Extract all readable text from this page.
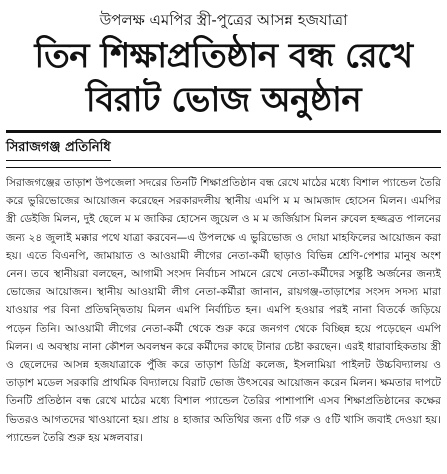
উপলক্ষ এমপির স্ত্রী-পুত্রের আসন্ন হজযাত্রা

তিন শিক্ষাপ্রতিষ্ঠান বন্ধ রেখে

বিরাট ভোজ অনুষ্ঠান

সিরাজগঞ্জ প্রতিনিধি

সিরাজগঞ্জের তাড়াশ উপজেলা সদরের তিনটি শিক্ষাপ্রতিষ্ঠান বন্ধ রেখে মাঠের মধ্যে বিশাল প্যান্ডেল তৈরি করে ভুরিভোজের আয়োজন করেছেন সরকারদলীয় স্থানীয় এমপি ম ম আমজাদ হোসেন মিলন। এমপির স্ত্রী ডেইজি মিলন, দুই ছেলে ম ম জাকির হোসেন জুয়েল ও ম ম জর্জিয়াস মিলন রুবেল হজ্জব্রত পালনের জন্য ২৪ জুলাই মক্কার পথে যাত্রা করবেন—এ উপলক্ষে এ ভুরিভোজ ও দোয়া মাহফিলের আয়োজন করা হয়। এতে বিএনপি, জামায়াত ও আওয়ামী লীগের নেতা-কর্মী ছাড়াও বিভিন্ন শ্রেণি-পেশার মানুষ অংশ নেন। তবে স্থানীয়রা বলছেন, আগামী সংসদ নির্বাচন সামনে রেখে নেতা-কর্মীদের সন্তুষ্টি অর্জনের জন্যই ভোজের আয়োজন। স্থানীয় আওয়ামী লীগ নেতা-কর্মীরা জানান, রায়গঞ্জ-তাড়াশের সংসদ সদস্য মারা যাওয়ার পর বিনা প্রতিদ্বন্দ্বিতায় মিলন এমপি নির্বাচিত হন। এমপি হওয়ার পরই নানা বিতর্কে জড়িয়ে পড়েন তিনি। আওয়ামী লীগের নেতা-কর্মী থেকে শুরু করে জনগণ থেকে বিচ্ছিন্ন হয়ে পড়েছেন এমপি মিলন। এ অবস্থায় নানা কৌশল অবলম্বন করে কর্মীদের কাছে টানার চেষ্টা করছেন। এরই ধারাবাহিকতায় স্ত্রী ও ছেলেদের আসন্ন হজযাত্রাকে পুঁজি করে তাড়াশ ডিগ্রি কলেজ, ইসলামিয়া পাইলট উচ্চবিদ্যালয় ও তাড়াশ মডেল সরকারি প্রাথমিক বিদ্যালয়ে বিরাট ভোজ উৎসবের আয়োজন করেন মিলন। ক্ষমতার দাপটে তিনটি প্রতিষ্ঠান বন্ধ রেখে মাঠের মধ্যে বিশাল প্যান্ডেল তৈরির পাশাপাশি এসব শিক্ষাপ্রতিষ্ঠানের কক্ষের ভিতরও আগতদের খাওয়ানো হয়। প্রায় ৪ হাজার অতিথির জন্য ৫টি গরু ও ৫টি খাসি জবাই দেওয়া হয়। প্যান্ডেল তৈরি শুরু হয় মঙ্গলবার।
